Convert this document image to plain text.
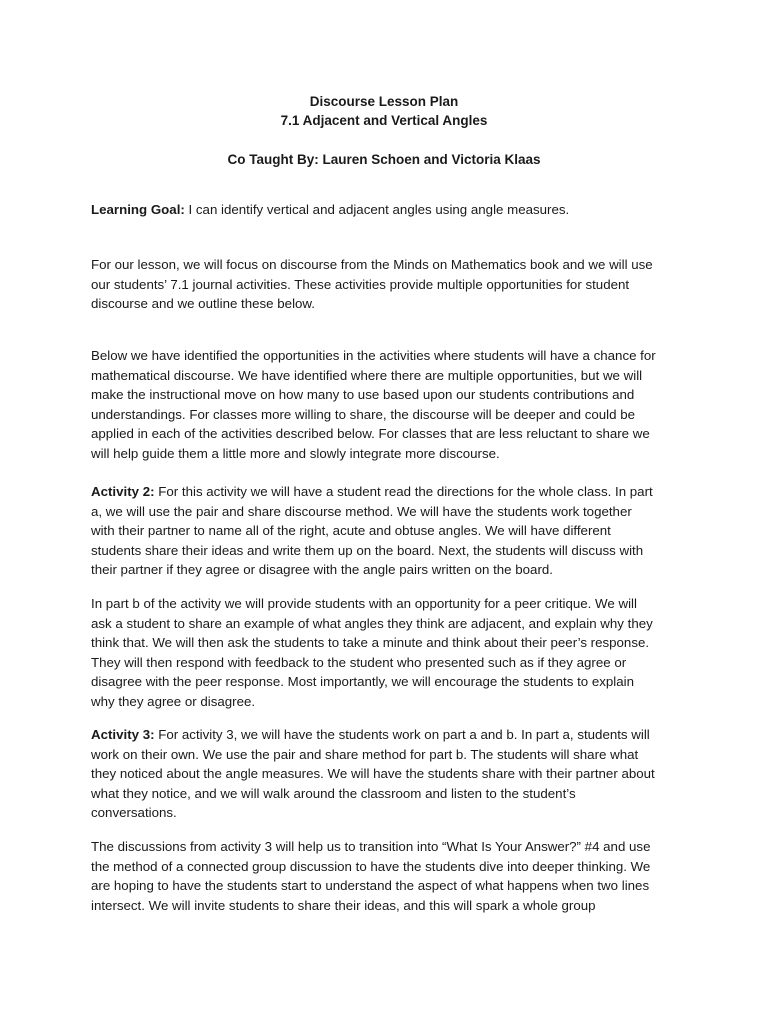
Discourse Lesson Plan
7.1 Adjacent and Vertical Angles
Co Taught By: Lauren Schoen and Victoria Klaas

Learning Goal: I can identify vertical and adjacent angles using angle measures.

For our lesson, we will focus on discourse from the Minds on Mathematics book and we will use
our students’ 7.1 journal activities. These activities provide multiple opportunities for student
discourse and we outline these below.

Below we have identified the opportunities in the activities where students will have a chance for
mathematical discourse. We have identified where there are multiple opportunities, but we will
make the instructional move on how many to use based upon our students contributions and
understandings. For classes more willing to share, the discourse will be deeper and could be
applied in each of the activities described below. For classes that are less reluctant to share we
will help guide them a little more and slowly integrate more discourse.

Activity 2: For this activity we will have a student read the directions for the whole class. In part
a, we will use the pair and share discourse method. We will have the students work together
with their partner to name all of the right, acute and obtuse angles. We will have different
students share their ideas and write them up on the board. Next, the students will discuss with
their partner if they agree or disagree with the angle pairs written on the board.

In part b of the activity we will provide students with an opportunity for a peer critique. We will
ask a student to share an example of what angles they think are adjacent, and explain why they
think that. We will then ask the students to take a minute and think about their peer’s response.
They will then respond with feedback to the student who presented such as if they agree or
disagree with the peer response. Most importantly, we will encourage the students to explain
why they agree or disagree.

Activity 3: For activity 3, we will have the students work on part a and b. In part a, students will
work on their own. We use the pair and share method for part b. The students will share what
they noticed about the angle measures. We will have the students share with their partner about
what they notice, and we will walk around the classroom and listen to the student’s
conversations.

The discussions from activity 3 will help us to transition into “What Is Your Answer?” #4 and use
the method of a connected group discussion to have the students dive into deeper thinking. We
are hoping to have the students start to understand the aspect of what happens when two lines
intersect. We will invite students to share their ideas, and this will spark a whole group
